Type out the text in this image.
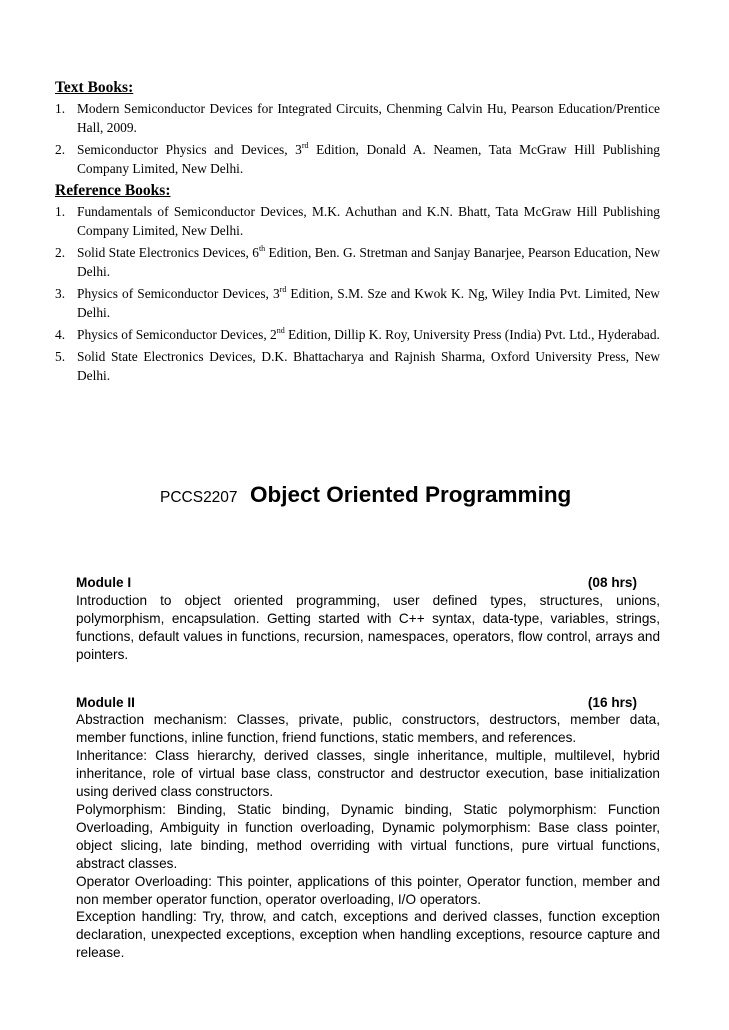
Text Books:
1. Modern Semiconductor Devices for Integrated Circuits, Chenming Calvin Hu, Pearson Education/Prentice Hall, 2009.
2. Semiconductor Physics and Devices, 3rd Edition, Donald A. Neamen, Tata McGraw Hill Publishing Company Limited, New Delhi.
Reference Books:
1. Fundamentals of Semiconductor Devices, M.K. Achuthan and K.N. Bhatt, Tata McGraw Hill Publishing Company Limited, New Delhi.
2. Solid State Electronics Devices, 6th Edition, Ben. G. Stretman and Sanjay Banarjee, Pearson Education, New Delhi.
3. Physics of Semiconductor Devices, 3rd Edition, S.M. Sze and Kwok K. Ng, Wiley India Pvt. Limited, New Delhi.
4. Physics of Semiconductor Devices, 2nd Edition, Dillip K. Roy, University Press (India) Pvt. Ltd., Hyderabad.
5. Solid State Electronics Devices, D.K. Bhattacharya and Rajnish Sharma, Oxford University Press, New Delhi.
PCCS2207 Object Oriented Programming
Module I	(08 hrs)

Introduction to object oriented programming, user defined types, structures, unions, polymorphism, encapsulation. Getting started with C++ syntax, data-type, variables, strings, functions, default values in functions, recursion, namespaces, operators, flow control, arrays and pointers.

Module II	(16 hrs)

Abstraction mechanism: Classes, private, public, constructors, destructors, member data, member functions, inline function, friend functions, static members, and references.

Inheritance: Class hierarchy, derived classes, single inheritance, multiple, multilevel, hybrid inheritance, role of virtual base class, constructor and destructor execution, base initialization using derived class constructors.

Polymorphism: Binding, Static binding, Dynamic binding, Static polymorphism: Function Overloading, Ambiguity in function overloading, Dynamic polymorphism: Base class pointer, object slicing, late binding, method overriding with virtual functions, pure virtual functions, abstract classes.

Operator Overloading: This pointer, applications of this pointer, Operator function, member and non member operator function, operator overloading, I/O operators.

Exception handling: Try, throw, and catch, exceptions and derived classes, function exception declaration, unexpected exceptions, exception when handling exceptions, resource capture and release.
